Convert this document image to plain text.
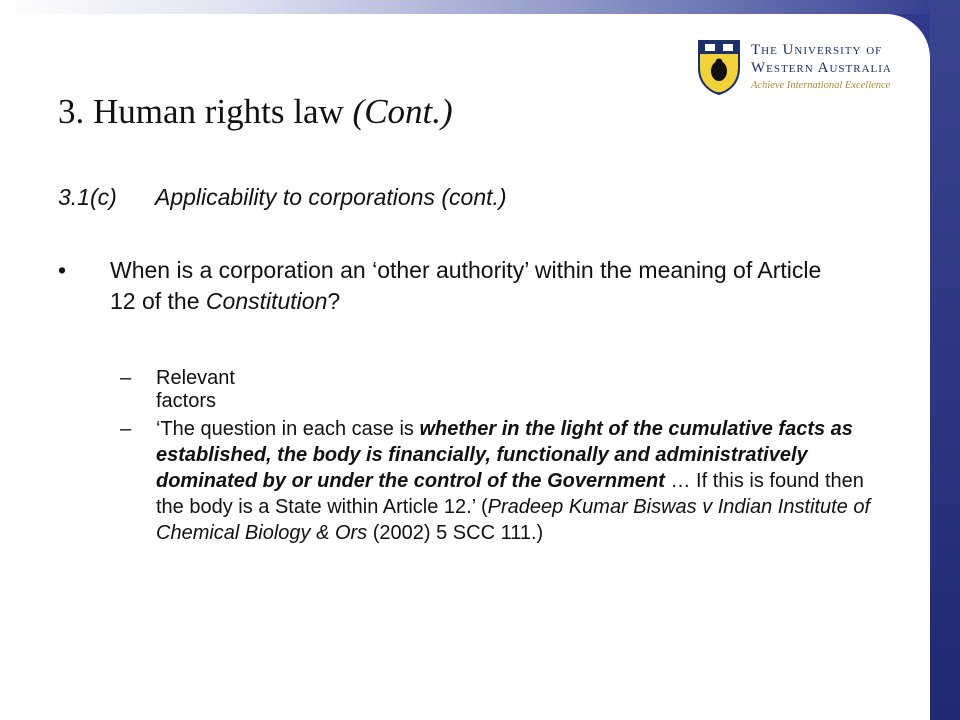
The University of
Western Australia
Achieve International Excellence
3. Human rights law (Cont.)
3.1(c) Applicability to corporations (cont.)
• When is a corporation an ‘other authority’ within the meaning of Article 12 of the Constitution?
– Relevant factors
– ‘The question in each case is whether in the light of the cumulative facts as established, the body is financially, functionally and administratively dominated by or under the control of the Government … If this is found then the body is a State within Article 12.’ (Pradeep Kumar Biswas v Indian Institute of Chemical Biology & Ors (2002) 5 SCC 111.)
